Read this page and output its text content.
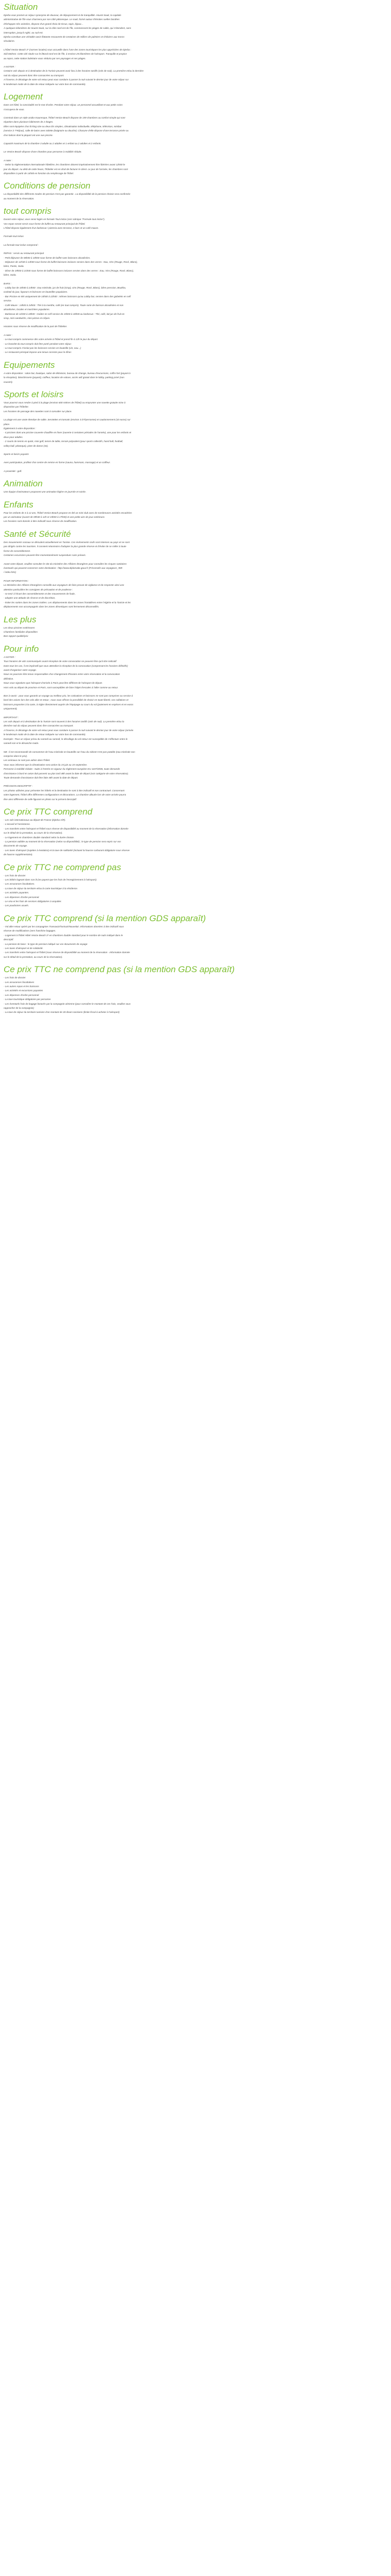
Situation

Djerba vous promet un séjour synonyme de douceur, de dépaysement et de tranquillité. Houmt Souk, la capitale

administrative de l'île vous charmera par son côté pittoresque. Le souk, formé autour d'étroites ruelles bordées

d'échoppes très animées, dispose d'un grand choix de tissus, tapis, bijoux...

À quelques kilomètres de Houmt Souk, sur la côte nord-est de l'île, commencent les plages de sable, qui s'étendent, sans

interruption, jusqu'à Aghir, au sud-est.

Djerba constitue une véritable oasis flottante recouverte de centaines de milliers de palmiers et d'oliviers aux troncs

séculaires.

L'hôtel Venice Beach 3* (normes locales) vous accueille dans l'une des zones touristiques les plus appréciées de Djerba :

Sidi Mahrez. Cette cité située sur le littoral nord-est de l'île, à environ 25 kilomètres de l'aéroport. Tranquille et propice

au repos, cette station balnéaire vous séduira par ses paysages et ses plages.

A NOTER :

Certains vols depuis et à destination de la Tunisie peuvent avoir lieu à des horaires tardifs (vols de nuit). La première et/ou la dernière

nuit du séjour peuvent donc être consacrées au transport.

A l'inverse, le décalage de votre vol retour peut vous conduire à passer la nuit suivant le dernier jour de votre séjour sur

le lendemain matin de la date de retour indiquée sur votre bon de commande).

Logement

Dans cet hôtel, la convivialité est le mot d'ordre. Pendant votre séjour, un personnel accueillant et aux petits soins

s'occupera de vous.

Construit dans un style arabo-mauresque, l'hôtel Venice Beach dispose de 159 chambres au confort simple qui sont

réparties dans plusieurs bâtiments de 2 étages.

Elles sont équipées d'un lit king size ou deux lits simples, climatisation individuelle, téléphone, télévision, minibar

(service à ??€/jour), salle de bains avec toilette (baignoire ou douche). Chacune d'elle dispose d'une terrasse privée ou

d'un balcon dont la plupart ont une vue piscine.

Capacité maximum de la chambre 3 adulte ou 2 adultes et 1 enfant ou 2 adultes et 2 enfants.

Le Venice Beach dispose d'une chambre pour personne à mobilité réduite.

A noter :

- Selon la réglementation internationale hôtelière, les chambres doivent impérativement être libérées avant 12h00 le

jour du départ. Au-delà de cette heure, l'hôtelier est en droit de facturer le client. Le jour de l'arrivée, les chambres sont

disponibles à partir de 14h00 en fonction du remplissage de l'hôtel.

Conditions de pension

La disponibilité des différents modes de pension n'est pas garantie . La disponibilité de la pension choisie sera confirmée

au moment de la réservation.

tout compris

Durant votre séjour, vous serez logés en formule Tout Inclus (voir rubrique "Formule tout inclus").

Vos repas seront servis sous forme de buffet au restaurant principal de l'hôtel.

L'hôtel dispose également d'un barbecue / pizzeria avec terrasse, 2 bars et un café maure.

Formule tout inclus

La formule tout inclus comprend :

REPAS : servis au restaurant principal

- Petit déjeuner de 06h00 à 10h00 sous forme de buffet sans boissons alcoolisées.

- Déjeuner de 12h30 à 14h00 sous forme de buffet boissons incluses servies dans des verres : Eau, Vins (Rouge, Rosé, Blanc),

bière, Pastis, Soda.

- Dîner de 19h00 à 21h00 sous forme de buffet boissons incluses servies dans des verres : Eau, Vins (Rouge, Rosé, Blanc),

bière, Soda.

BARS :

- Lobby bar de 10h00 à 24h00 : Eau minérale, jus de fruit (sirop), vins (Rouge, Rosé, Blanc), bière pression, Boukha,

cocktail du jour, liqueurs et boissons en bouteilles populaires.

- Bar Piscine en été uniquement de 10h00 à 22h00 : mêmes boissons qu'au Lobby bar, servies dans des gobelets en self

service.

- Café Maure : 14h00 à 24h00 : Thé à la menthe, café (en tout compris). Toute sorte de boisson alcoolisées et non

alcoolisées, locales et marchées populaires.

- Barbecue de 11h00 à 18h00 : Goûter en self service de 15h00 à 18h00 au barbecue : Thé, café, lait jus de fruit en

sirop, mini sandwichs, mini pizzas et crêpes.

Horaires sous réserve de modification de la part de l'hôtelier.

A noter :

- Le tout compris commence dès votre arrivée à l'hôtel et prend fin à 12h le jour du départ.

- Le bracelet du tout compris doit être porté pendant votre séjour.

- Le tout compris n'inclut pas les boissons servies en bouteille (vin, eau...)

- Le restaurant principal impose une tenue correcte pour le dîner.

Equipements

A votre disposition : salon bar, boutique, salon de télévision, bureau de change, bureau d'excursions, coffre fort (payant à

la réception), blanchisserie (payant), coiffeur, location de voiture, accès wifi gratuit dans le lobby, parking privé (non

couvert).

Sports et loisirs

Vous pourrez vous rendre à pied à la plage (environ 600 mètres de l'hôtel) ou emprunter une navette gratuite mise à

disposition par l'hôtelier.

Les horaires de passage des navettes sont à consulter sur place.

La plage est une vaste étendue de sable. Serviettes et transats (environ 3 DT/personne) et cautionnement (10 euros) sur

place.

Également à votre disposition :

- 4 piscines dont une piscine couverte chauffée en hiver (ouverte à certaines périodes de l'année), une pour les enfants et

deux pour adultes.

- 2 courts de tennis en quick, mini golf, tennis de table, terrain polyvalent (pour sports collectifs, hand ball, football,

volley-ball, pétanque), piste de danse (4e).

Sports et loisirs payants

Avec participation, profitez d'un centre de remise en forme (sauna, hammam, massage) et un coiffeur.

A proximité : golf.

Animation

Une équipe d'animateurs proposent une animation légère en journée et soirée.

Enfants

Pour les enfants de 4 à 12 ans, l'hôtel Venice Beach propose en été un mini-club avec de nombreuses activités encadrées

par un animateur (ouvert de 09h30 à 12h et 15h00 à 17h00) et une petite aire de jeux extérieure.

Les horaires sont donnés à titre indicatif sous réserve de modification.

Santé et Sécurité

Des mouvements sociaux se déroulent actuellement en Tunisie. Ces événements civils sont intenses au pays et ne sont

pas dirigés contre les touristes. Il convient néanmoins d'adopter la plus grande réserve et d'éviter de se mêler à toute

forme de rassemblement.

Certaines excursions peuvent être momentanément suspendues sans préavis.

Avant votre départ, veuillez consulter le site du ministère des Affaires étrangères pour connaître les risques sanitaires

éventuels qui peuvent concerner votre destination : http://www.diplomatie.gouv.fr (Fr/conseils aux voyageurs_909

/ index.htm)

POUR INFORMATION :

Le Ministère des Affaires Étrangères conseille aux voyageurs de faire preuve de vigilance et de respecter ainsi une

attention particulière les consignes de précaution et de prudence :

- se tenir à l'écart des rassemblements et des mouvements de foule,

- adopter une attitude de réserve et de discrétion,

- éviter les sorties dans les zones isolées. Les déplacements dans les zones frontalières entre l'Algérie et la Tunisie et les

déplacements non accompagnés dans les zones désertiques sont fermement déconseillés.

Les plus

Les deux piscines extérieures

Chambres familiales disponibles

Bon rapport qualité/prix

Pour info

A NOTER :

Tous horaires de vols communiqués avant réception de votre convocation ne peuvent être qu'à titre indicatif.

Dans tous les cas, il est impératif que vous attendiez la réception de la convocation (comprenant les horaires définitifs)

avant d'organiser votre voyage.

Nous ne pourrons être tenus responsables d'un changement d'horaire entre votre réservation et la convocation

définitive.

Nous vous signalons que l'aéroport d'arrivée à Paris peut être différent de l'aéroport de départ.

Hors vols au départ de province et Paris, sont susceptibles de faire l'objet d'escales à l'aller comme au retour.

Bon à savoir : pour vous garantir un voyage au meilleur prix, les cotisations et boissons ne sont pas comprises ou service à

bord des avions lors des vols aller et retour ; nous vous offrons la possibilité de choisir en toute liberté, vos collations et

boissons proposées à la carte, à régler directement auprès de l'équipage ou cours du vol (paiement en espèces et en euros

uniquement).

IMPORTANT :

Les vols depuis et à destination de la Tunisie sont souvent à des horaires tardifs (vols de nuit). La première et/ou la

dernière nuit du séjour peuvent donc être consacrées au transport.

A l'inverse, le décalage de votre vol retour peut vous conduire à passer la nuit suivant le dernier jour de votre séjour (arrivée

le lendemain matin de la date de retour indiquée sur votre bon de commande).

Exemple : Pour un séjour prévu du samedi au samedi, le décollage du vol retour est susceptible de s'effectuer entre le

samedi soir et le dimanche matin.

NB : il est recommandé de consommer de l'eau minérale en bouteille car l'eau du robinet n'est pas potable (eau minérale non

comprise dans le prix).

Les animaux ne sont pas admis dans l'hôtel.

Vous vous informez que la climatisation sera active du 15 juin au 15 septembre.

Personne à mobilité réduite : Suite à l'entrée en vigueur du règlement européen EU 1107/2006, toute demande

d'assistance à bord en avion doit parvenir au plus tard 48h avant la date de départ (voir catégorie de votre réservation).

Toute demande d'assistance doit être faite 48h avant la date de départ.

PRÉCISION DESCRIPTIF :

Les photos utilisées pour présenter les hôtels et la destination le sont à titre indicatif et non contractuel. Concernant

votre logement, l'hôtel offre différentes configurations et décorations. La chambre allouée lors de votre arrivée pourra

être ainsi différente de celle figurant en photo sur le présent descriptif.

Ce prix TTC comprend

- Les vols internationaux au départ de France (Djerba A/R).

- L'accueil et l'assistance.

- Les transferts entre l'aéroport et l'hôtel sous réserve de disponibilité au moment de la réservation (information donnée

sur le détail de la prestation, au cours de la réservation).

- Le logement en chambres double standard selon la durée choisie.

- La pension validée au moment de la réservation (selon sa disponibilité) ; le type de pension sera repris sur vos

documents de voyage.

- Les taxes d'aéroport (sujettes à évolution) et la taxe de solidarité (incluant la hausse carburant obligatoire sous réserve

de hausse supplémentaire).

Ce prix TTC ne comprend pas

- Les frais de dossier

- Les bébés logeant dans son lit (ne payent que les frais de l'enregistrement à l'aéroport).

- Les assurances facultatives.

- La taxe de séjour du territoire et/ou la carte touristique à la résidence.

- Les activités payantes.

- Les dépenses d'ordre personnel.

- Le visa et les frais de services obligatoires à acquitter.

- Les pourboires usuels.

Ce prix TTC comprend (si la mention GDS apparaît)

- Vol aller-retour opéré par les compagnies Transavia/Tunisair/Nouvelair. Informations données à titre indicatif sous

réserve de modifications (vers franchise bagages.

- Logement à l'hôtel Hôtel Venice Beach 3* en chambres double standard pour le nombre de nuits indiqué dans le

descriptif.

- La pension de base : le type de pension indiqué sur vos documents de voyage

- Les taxes d'aéroport et de solidarité.

- Les transferts entre l'aéroport et l'hôtel (sous réserve de disponibilité au moment de la réservation - Information donnée

sur le détail de la prestation, au cours de la réservation).

Ce prix TTC ne comprend pas (si la mention GDS apparaît)

- Les frais de dossier

- Les assurances facultatives

- Les autres repas et les boissons

- Les activités et excursions payantes

- Les dépenses d'ordre personnel

- La taxe touristique obligatoire par personne

- Les éventuels frais de bagage facturés par la compagnie aérienne (pour connaître le montant de ces frais, veuillez vous

rapprocher de la compagnie)

- La taxe de séjour du territoire tunisien d'un montant de 30 dinars tunisiens (limite fiscal à acheter à l'aéroport)
